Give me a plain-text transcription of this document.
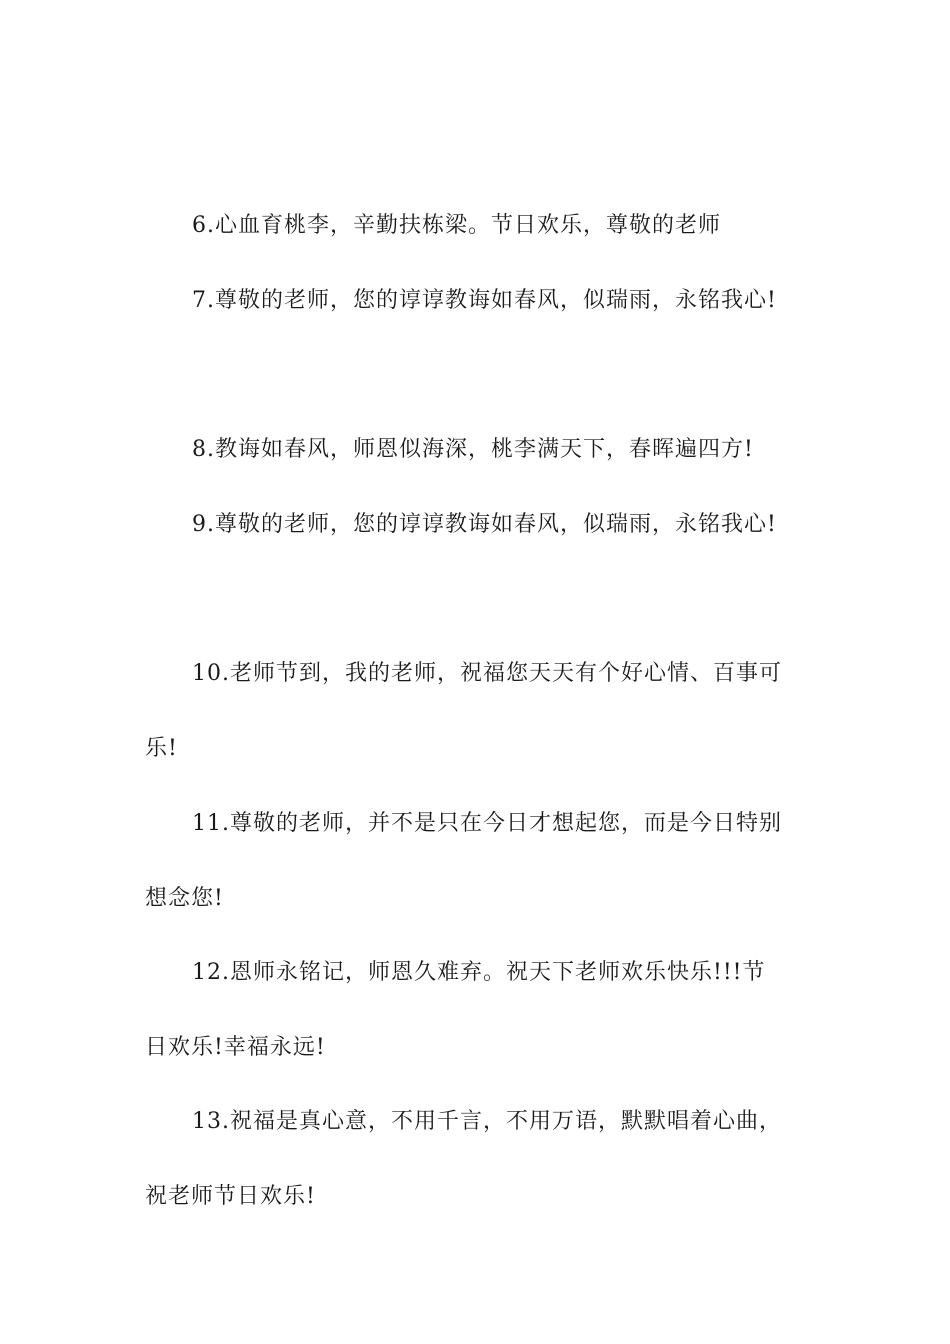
6.心血育桃李，辛勤扶栋梁。节日欢乐，尊敬的老师
7.尊敬的老师，您的谆谆教诲如春风，似瑞雨，永铭我心!
8.教诲如春风，师恩似海深，桃李满天下，春晖遍四方!
9.尊敬的老师，您的谆谆教诲如春风，似瑞雨，永铭我心!
10.老师节到，我的老师，祝福您天天有个好心情、百事可
乐!
11.尊敬的老师，并不是只在今日才想起您，而是今日特别
想念您!
12.恩师永铭记，师恩久难弃。祝天下老师欢乐快乐!!!节
日欢乐!幸福永远!
13.祝福是真心意，不用千言，不用万语，默默唱着心曲，
祝老师节日欢乐!
